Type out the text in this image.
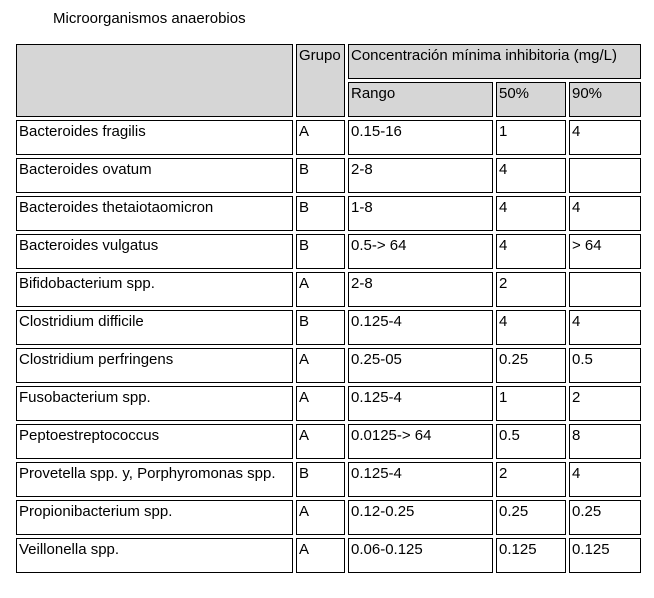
Microorganismos anaerobios
	Grupo	Concentración mínima inhibitoria (mg/L)		
		Rango	50%	90%
Bacteroides fragilis	A	0.15-16	1	4
Bacteroides ovatum	B	2-8	4	
Bacteroides thetaiotaomicron	B	1-8	4	4
Bacteroides vulgatus	B	0.5-> 64	4	> 64
Bifidobacterium spp.	A	2-8	2	
Clostridium difficile	B	0.125-4	4	4
Clostridium perfringens	A	0.25-05	0.25	0.5
Fusobacterium spp.	A	0.125-4	1	2
Peptoestreptococcus	A	0.0125-> 64	0.5	8
Provetella spp. y, Porphyromonas spp.	B	0.125-4	2	4
Propionibacterium spp.	A	0.12-0.25	0.25	0.25
Veillonella spp.	A	0.06-0.125	0.125	0.125
